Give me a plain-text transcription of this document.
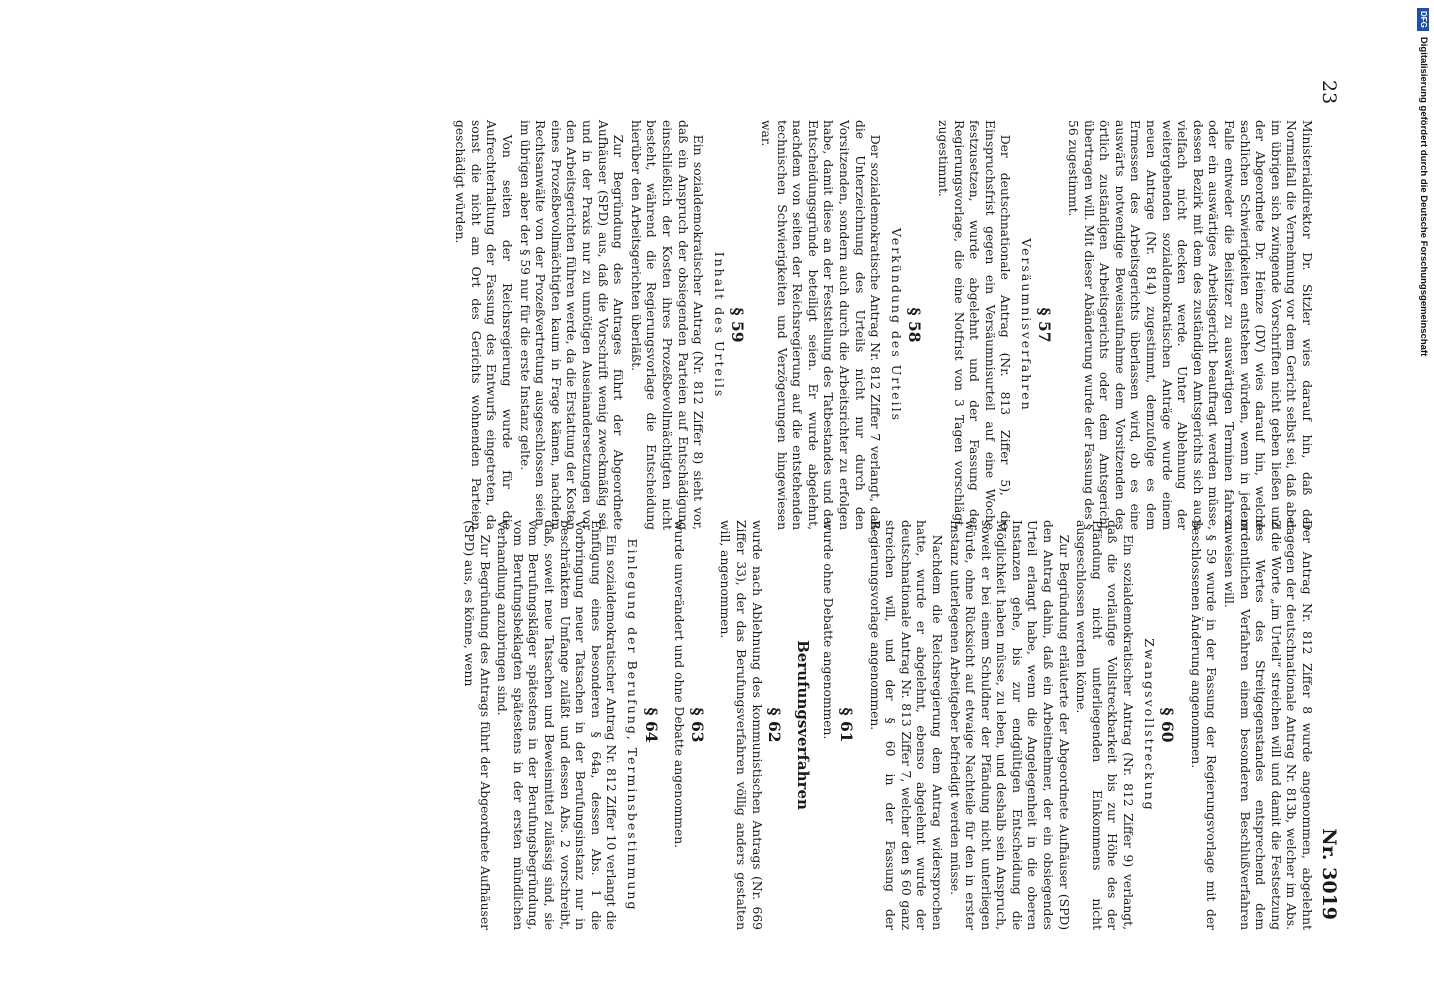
23
Nr. 3019

Ministerialdirektor Dr. Sitzler wies darauf hin, daß der Normalfall die Vernehmung vor dem Gericht selbst sei, daß aber im übrigen sich zwingende Vorschriften nicht geben ließen und der Abgeordnete Dr. Heinze (DV) wies darauf hin, welche sachlichen Schwierigkeiten entstehen würden, wenn in jedem Falle entweder die Beisitzer zu auswärtigen Terminen fahren oder ein auswärtiges Arbeitsgericht beauftragt werden müsse, dessen Bezirk mit dem des zuständigen Amtsgerichts sich auch vielfach nicht decken werde. Unter Ablehnung der weitergehenden sozialdemokratischen Anträge wurde einem neuen Antrage (Nr. 814) zugestimmt, demzufolge es dem Ermessen des Arbeitsgerichts überlassen wird, ob es eine auswärts notwendige Beweisaufnahme dem Vorsitzenden des örtlich zuständigen Arbeitsgerichts oder dem Amtsgericht übertragen will. Mit dieser Abänderung wurde der Fassung des § 56 zugestimmt.

§ 57
Versäumnisverfahren

Der deutschnationale Antrag (Nr. 813 Ziffer 5), die Einspruchsfrist gegen ein Versäumnisurteil auf eine Woche festzusetzen, wurde abgelehnt und der Fassung der Regierungsvorlage, die eine Notfrist von 3 Tagen vorschlägt, zugestimmt.

§ 58
Verkündung des Urteils

Der sozialdemokratische Antrag Nr. 812 Ziffer 7 verlangt, daß die Unterzeichnung des Urteils nicht nur durch den Vorsitzenden, sondern auch durch die Arbeitsrichter zu erfolgen habe, damit diese an der Feststellung des Tatbestandes und der Entscheidungsgründe beteiligt seien. Er wurde abgelehnt, nachdem von seiten der Reichsregierung auf die entstehenden technischen Schwierigkeiten und Verzögerungen hingewiesen war.

§ 59
Inhalt des Urteils

Ein sozialdemokratischer Antrag (Nr. 812 Ziffer 8) sieht vor, daß ein Anspruch der obsiegenden Parteien auf Entschädigung einschließlich der Kosten ihres Prozeßbevollmächtigten nicht besteht, während die Regierungsvorlage die Entscheidung hierüber den Arbeitsgerichten überläßt.

Zur Begründung des Antrages führt der Abgeordnete Aufhäuser (SPD) aus, daß die Vorschrift wenig zweckmäßig sei und in der Praxis nur zu unnötigen Auseinandersetzungen vor den Arbeitsgerichten führen werde, da die Erstattung der Kosten eines Prozeßbevollmächtigten kaum in Frage kämen, nachdem Rechtsanwälte von der Prozeßvertretung ausgeschlossen seien, im übrigen aber der § 59 nur für die erste Instanz gelte.

Von seiten der Reichsregierung wurde für die Aufrechterhaltung der Fassung des Entwurfs eingetreten, da sonst die nicht am Ort des Gerichts wohnenden Parteien geschädigt würden.

Der Antrag Nr. 812 Ziffer 8 wurde angenommen, abgelehnt dagegen der deutschnationale Antrag Nr. 813b, welcher im Abs. 2 die Worte „im Urteil“ streichen will und damit die Festsetzung des Wertes des Streitgegenstandes entsprechend dem ordentlichen Verfahren einem besonderen Beschlußverfahren zuweisen will.

§ 59 wurde in der Fassung der Regierungsvorlage mit der beschlossenen Änderung angenommen.

§ 60
Zwangsvollstreckung

Ein sozialdemokratischer Antrag (Nr. 812 Ziffer 9) verlangt, daß die vorläufige Vollstreckbarkeit bis zur Höhe des der Pfändung nicht unterliegenden Einkommens nicht ausgeschlossen werden könne.

Zur Begründung erläuterte der Abgeordnete Aufhäuser (SPD) den Antrag dahin, daß ein Arbeitnehmer, der ein obsiegendes Urteil erlangt habe, wenn die Angelegenheit in die oberen Instanzen gehe, bis zur endgültigen Entscheidung die Möglichkeit haben müsse, zu leben, und deshalb sein Anspruch, soweit er bei einem Schuldner der Pfändung nicht unterliegen würde, ohne Rücksicht auf etwaige Nachteile für den in erster Instanz unterlegenen Arbeitgeber befriedigt werden müsse.

Nachdem die Reichsregierung dem Antrag widersprochen hatte, wurde er abgelehnt, ebenso abgelehnt wurde der deutschnationale Antrag Nr. 813 Ziffer 7, welcher den § 60 ganz streichen will, und der § 60 in der Fassung der Regierungsvorlage angenommen.

§ 61

wurde ohne Debatte angenommen.

Berufungsverfahren
§ 62

wurde nach Ablehnung des kommunistischen Antrags (Nr. 669 Ziffer 33), der das Berufungsverfahren völlig anders gestalten will, angenommen.

§ 63

wurde unverändert und ohne Debatte angenommen.

§ 64
Einlegung der Berufung, Terminsbestimmung

Ein sozialdemokratischer Antrag Nr. 812 Ziffer 10 verlangt die Einfügung eines besonderen § 64a, dessen Abs. 1 die Vorbringung neuer Tatsachen in der Berufungsinstanz nur in beschränktem Umfange zuläßt und dessen Abs. 2 vorschreibt, daß, soweit neue Tatsachen und Beweismittel zulässig sind, sie vom Berufungskläger spätestens in der Berufungsbegründung, vom Berufungsbeklagten spätestens in der ersten mündlichen Verhandlung anzubringen sind.

Zur Begründung des Antrags führt der Abgeordnete Aufhäuser (SPD) aus, es könne, wenn

DFGDigitalisierung gefördert durch die Deutsche Forschungsgemeinschaft
